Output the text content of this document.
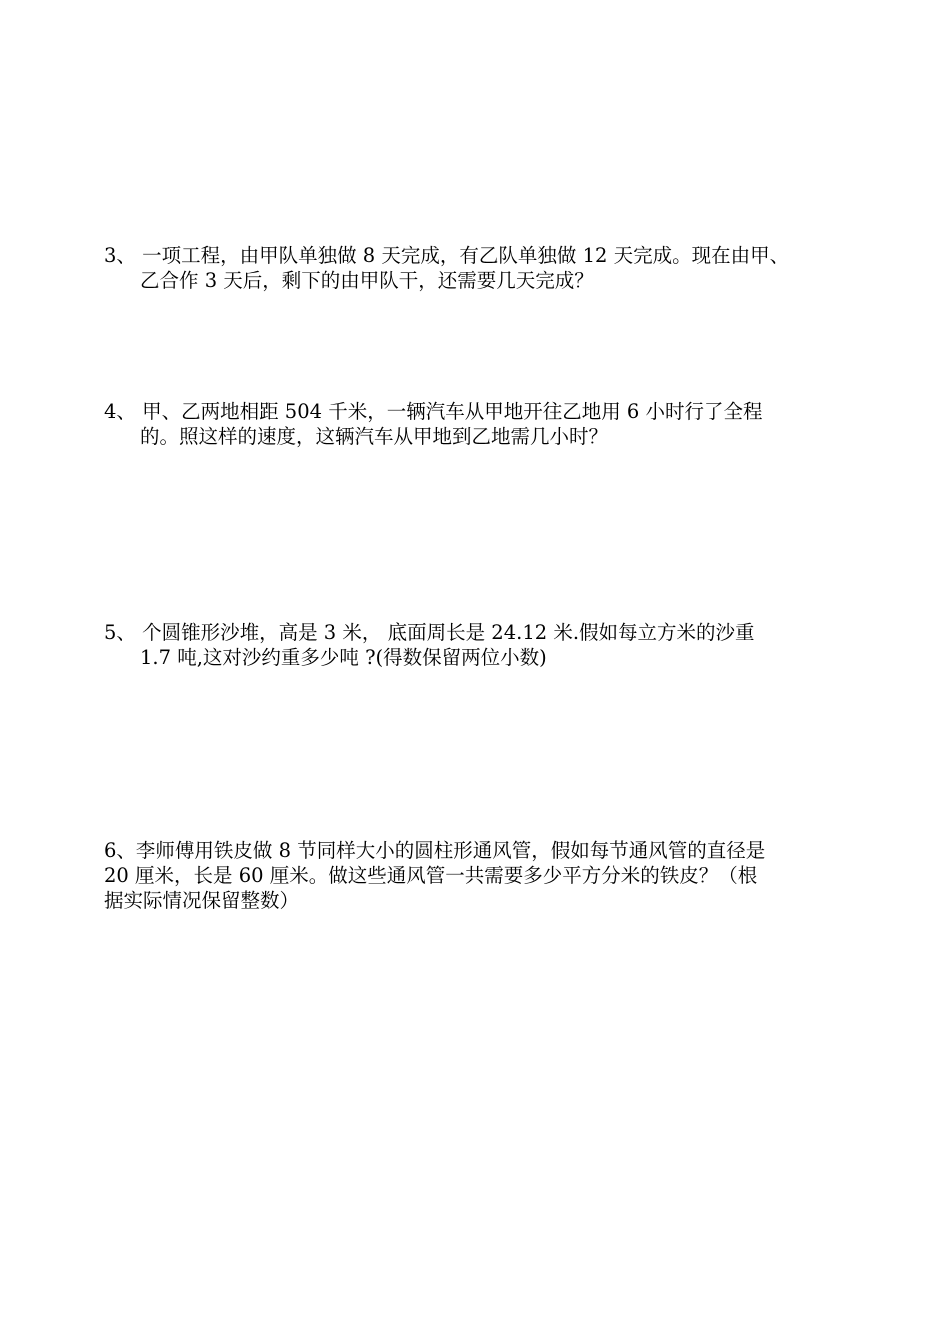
3、 一项工程，由甲队单独做 8 天完成，有乙队单独做 12 天完成。现在由甲、
乙合作 3 天后，剩下的由甲队干，还需要几天完成？
4、 甲、乙两地相距 504 千米，一辆汽车从甲地开往乙地用 6 小时行了全程
的。照这样的速度，这辆汽车从甲地到乙地需几小时？
5、 个圆锥形沙堆，高是 3 米， 底面周长是 24.12 米.假如每立方米的沙重
1.7 吨,这对沙约重多少吨 ?(得数保留两位小数)
6、李师傅用铁皮做 8 节同样大小的圆柱形通风管，假如每节通风管的直径是
20 厘米，长是 60 厘米。做这些通风管一共需要多少平方分米的铁皮？（根
据实际情况保留整数）
